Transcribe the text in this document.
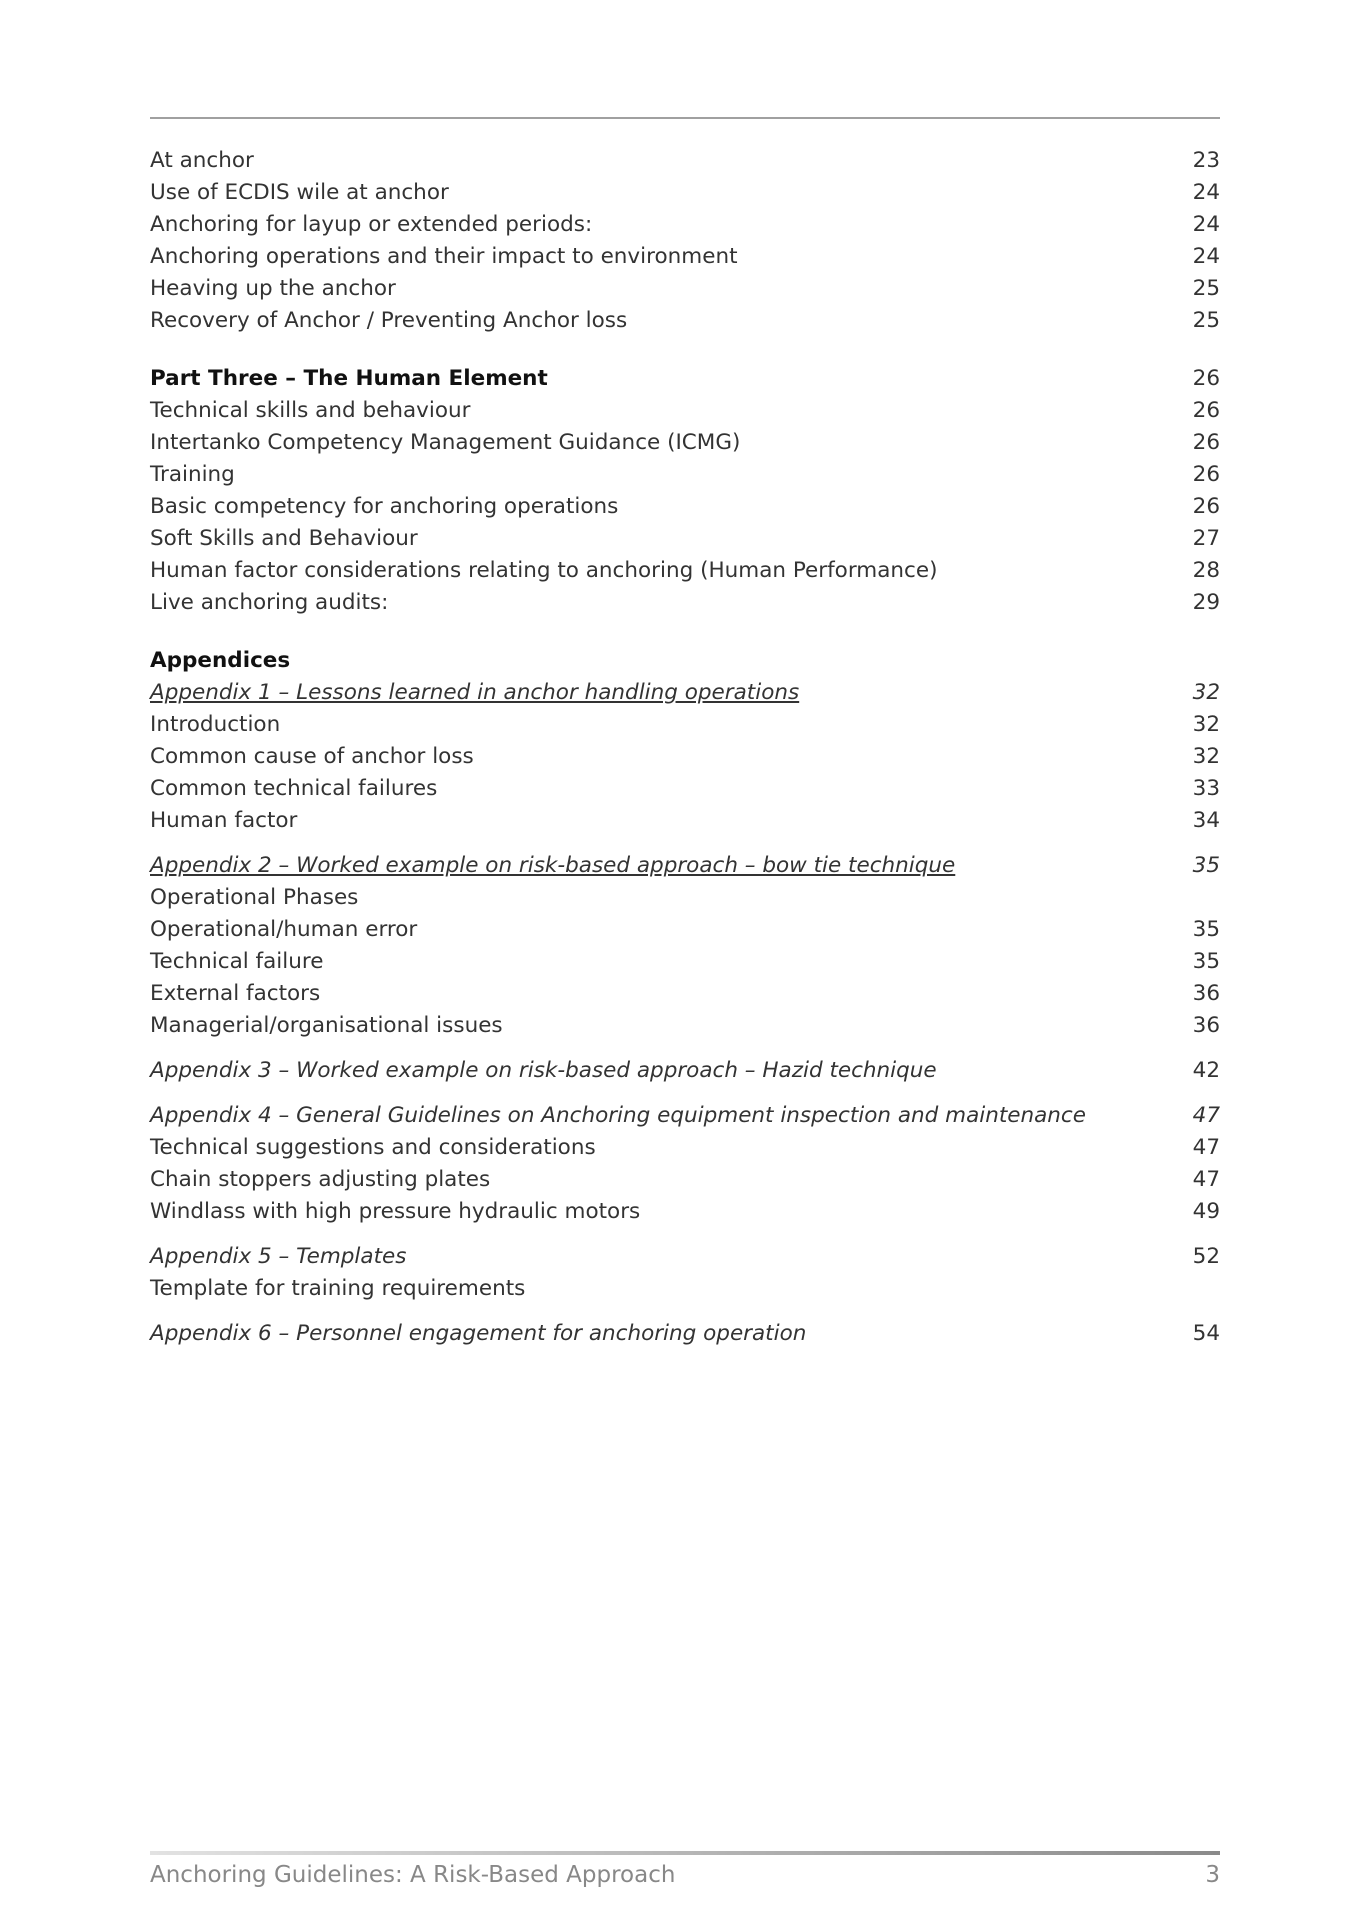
At anchor	23
Use of ECDIS wile at anchor	24
Anchoring for layup or extended periods:	24
Anchoring operations and their impact to environment	24
Heaving up the anchor	25
Recovery of Anchor / Preventing Anchor loss	25
Part Three – The Human Element	26
Technical skills and behaviour	26
Intertanko Competency Management Guidance (ICMG)	26
Training	26
Basic competency for anchoring operations	26
Soft Skills and Behaviour	27
Human factor considerations relating to anchoring (Human Performance)	28
Live anchoring audits:	29
Appendices
Appendix 1 – Lessons learned in anchor handling operations	32
Introduction	32
Common cause of anchor loss	32
Common technical failures	33
Human factor	34
Appendix 2 – Worked example on risk-based approach – bow tie technique	35
Operational Phases
Operational/human error	35
Technical failure	35
External factors	36
Managerial/organisational issues	36
Appendix 3 – Worked example on risk-based approach – Hazid technique	42
Appendix 4 – General Guidelines on Anchoring equipment inspection and maintenance	47
Technical suggestions and considerations	47
Chain stoppers adjusting plates	47
Windlass with high pressure hydraulic motors	49
Appendix 5 – Templates	52
Template for training requirements
Appendix 6 – Personnel engagement for anchoring operation	54
Anchoring Guidelines: A Risk-Based Approach	3
